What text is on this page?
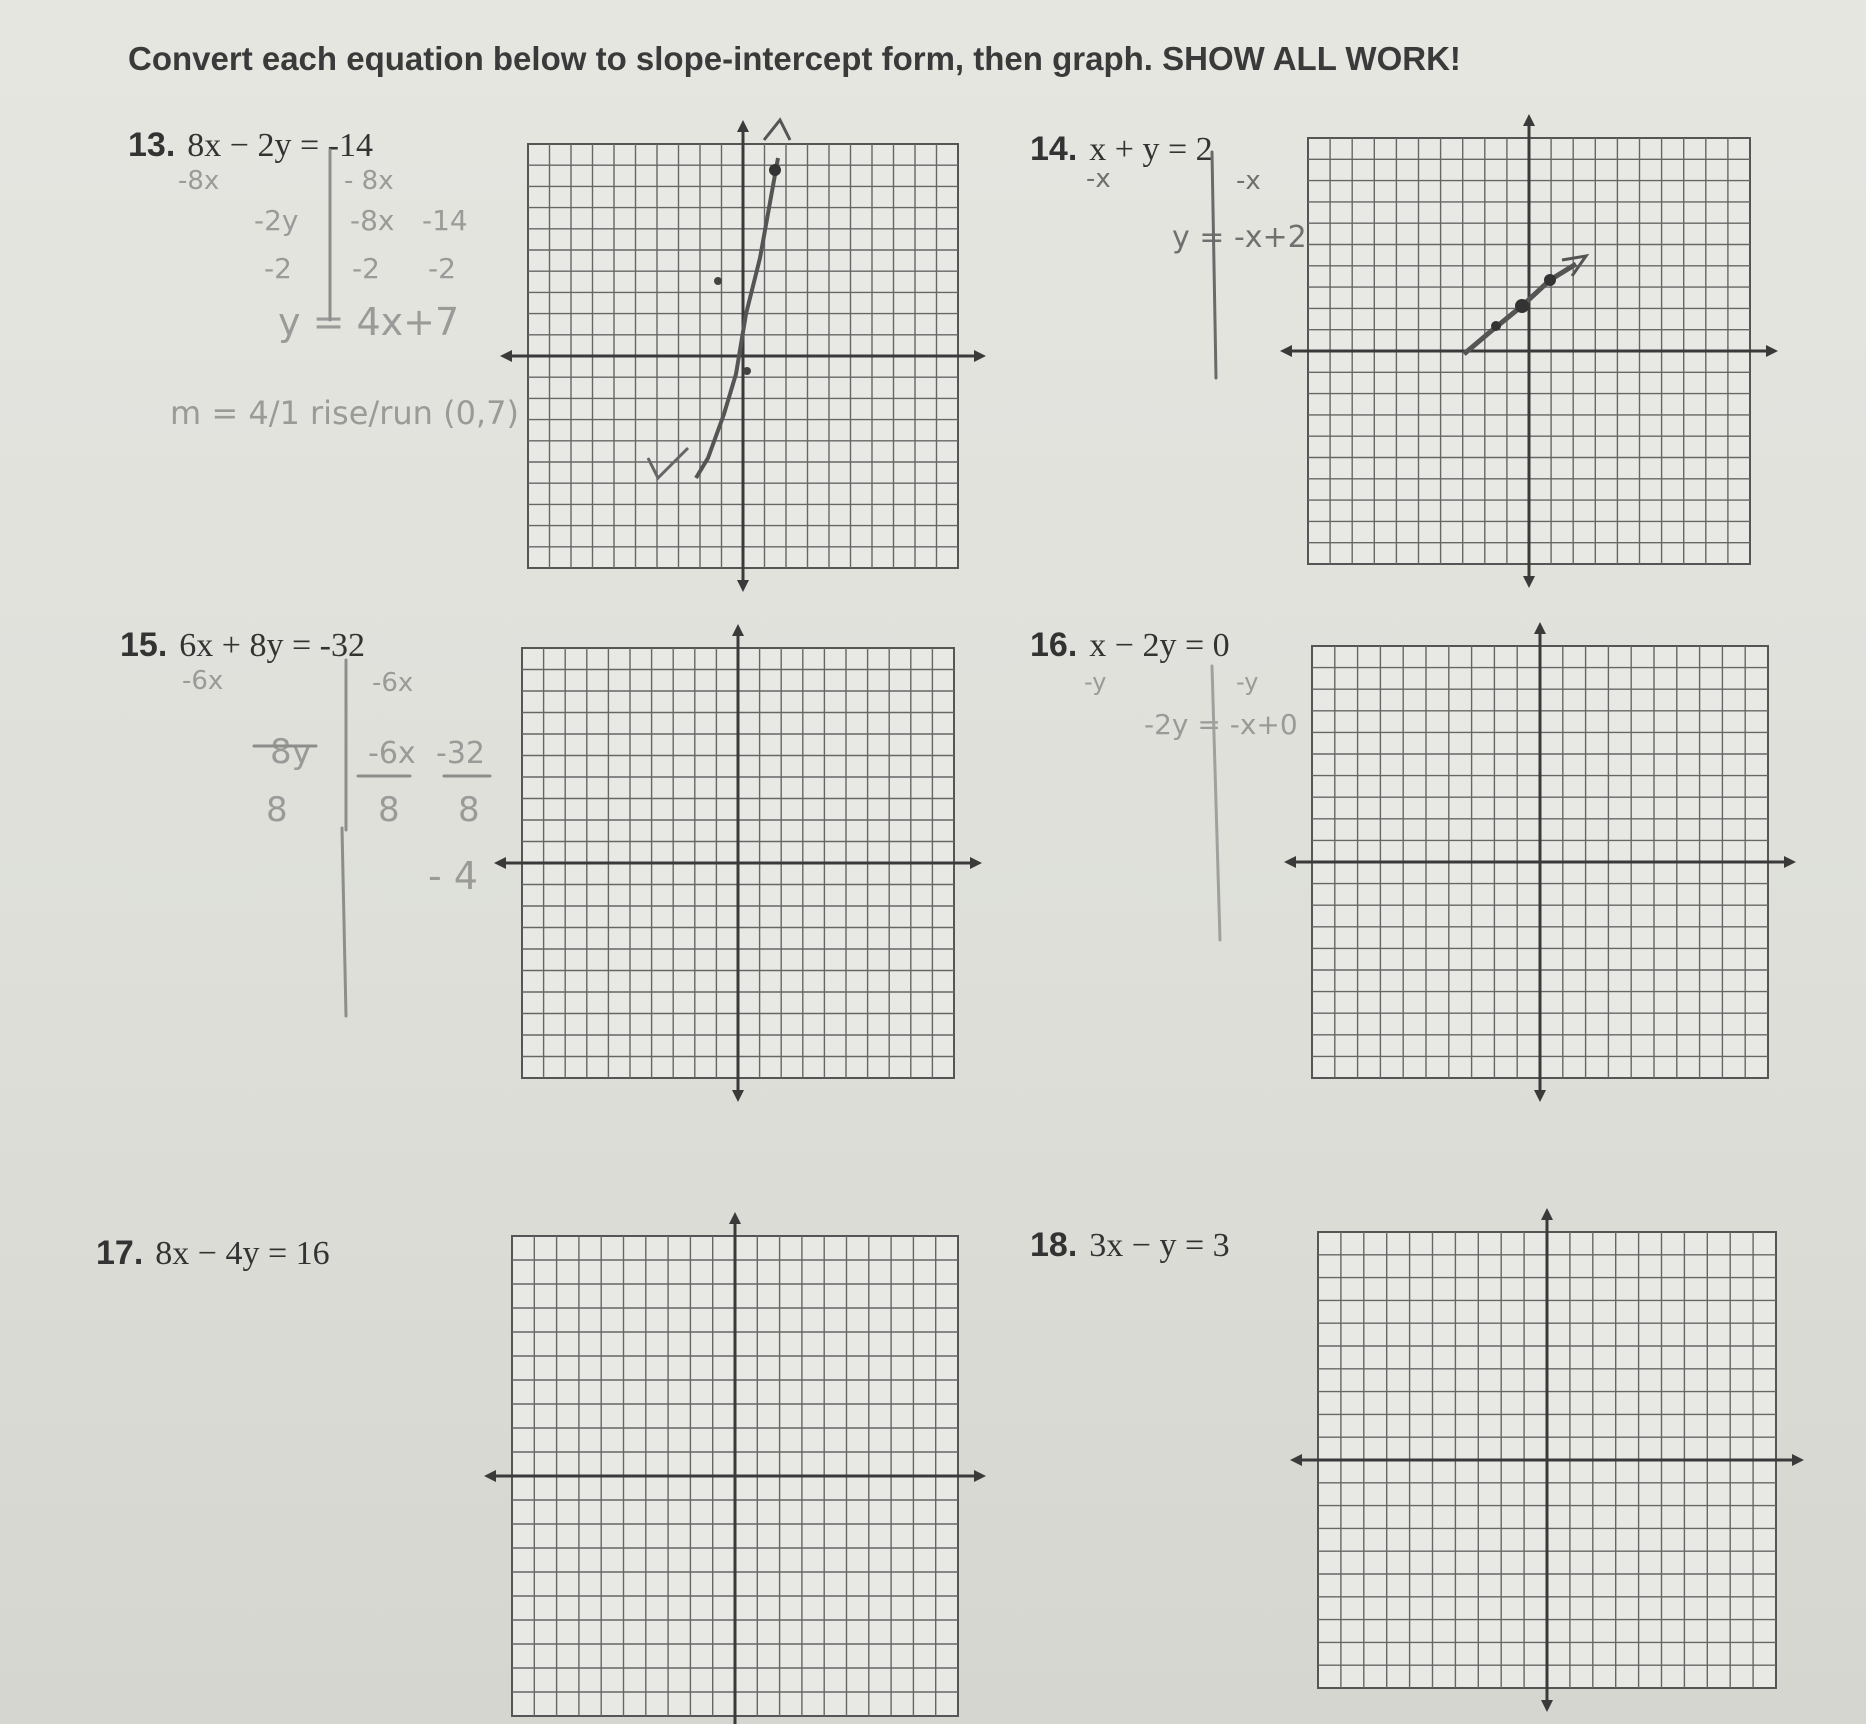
Convert each equation below to slope-intercept form, then graph. SHOW ALL WORK!
13. 8x − 2y = -14	14. x + y = 2
15. 6x + 8y = -32	16. x − 2y = 0
17. 8x − 4y = 16	18. 3x − y = 3
-8x	- 8x
-2y
-2
-8x
-2
-14
-2
y = 4x+7
m = 4/1 rise/run (0,7)
-x	-x
y = -x+2
-6x	-6x
8y
8
-6x
8
-32
8
- 4
-y	-y
-2y = -x+0
